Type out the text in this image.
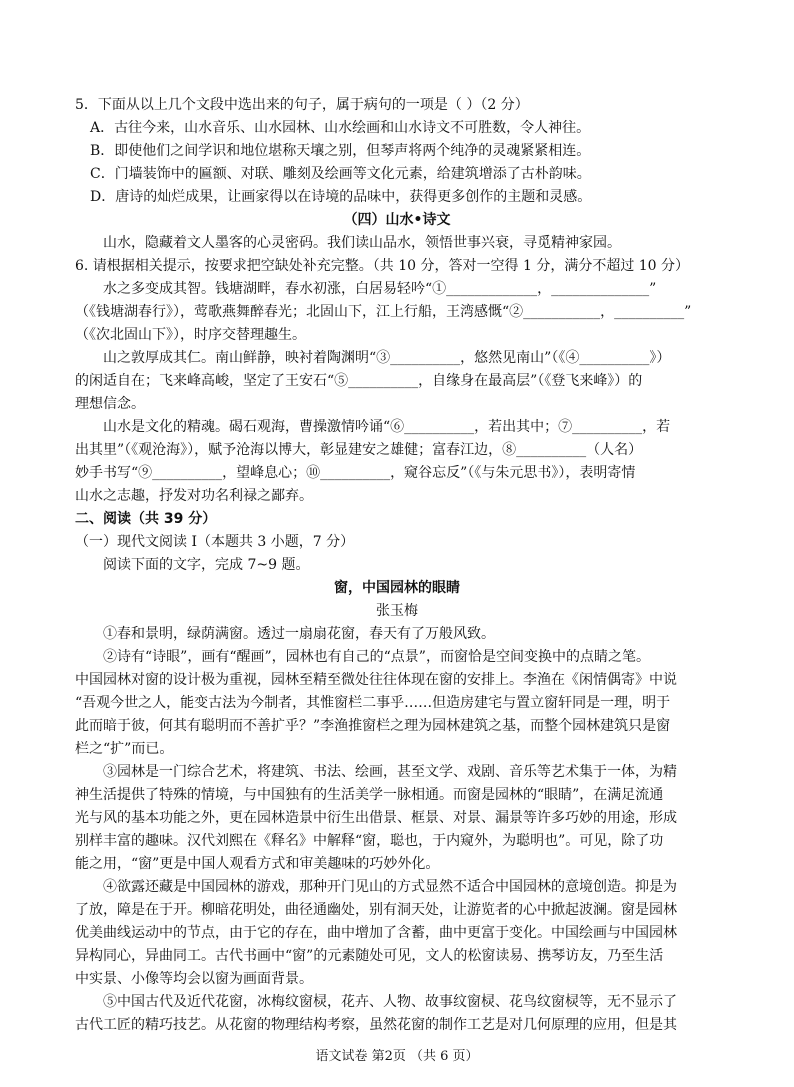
5．下面从以上几个文段中选出来的句子，属于病句的一项是（ ）（2 分）
A．古往今来，山水音乐、山水园林、山水绘画和山水诗文不可胜数，令人神往。
B．即使他们之间学识和地位堪称天壤之别，但琴声将两个纯净的灵魂紧紧相连。
C．门墙装饰中的匾额、对联、雕刻及绘画等文化元素，给建筑增添了古朴韵味。
D．唐诗的灿烂成果，让画家得以在诗境的品味中，获得更多创作的主题和灵感。
（四）山水•诗文
山水，隐藏着文人墨客的心灵密码。我们读山品水，领悟世事兴衰，寻觅精神家园。
6. 请根据相关提示，按要求把空缺处补充完整。（共 10 分，答对一空得 1 分，满分不超过 10 分）
水之多变成其智。钱塘湖畔，春水初涨，白居易轻吟“①_____________，______________”
（《钱塘湖春行》），莺歌燕舞醉春光；北固山下，江上行船，王湾感慨“②___________，__________”
（《次北固山下》），时序交替理趣生。
山之敦厚成其仁。南山鲜静，映衬着陶渊明“③__________，悠然见南山”（《④__________》）
的闲适自在；飞来峰高峻，坚定了王安石“⑤__________，自缘身在最高层”（《登飞来峰》）的
理想信念。
山水是文化的精魂。碣石观海，曹操激情吟诵“⑥__________，若出其中；⑦__________，若
出其里”（《观沧海》），赋予沧海以博大，彰显建安之雄健；富春江边，⑧__________（人名）
妙手书写“⑨__________，望峰息心；⑩__________，窥谷忘反”（《与朱元思书》），表明寄情
山水之志趣，抒发对功名利禄之鄙弃。
二、阅读（共 39 分）
（一）现代文阅读 I（本题共 3 小题，7 分）
阅读下面的文字，完成 7~9 题。
窗，中国园林的眼睛
张玉梅
①春和景明，绿荫满窗。透过一扇扇花窗，春天有了万般风致。
②诗有“诗眼”，画有“醒画”，园林也有自己的“点景”，而窗恰是空间变换中的点睛之笔。
中国园林对窗的设计极为重视，园林至精至微处往往体现在窗的安排上。李渔在《闲情偶寄》中说
“吾观今世之人，能变古法为今制者，其惟窗栏二事乎……但造房建宅与置立窗轩同是一理，明于
此而暗于彼，何其有聪明而不善扩乎？”李渔推窗栏之理为园林建筑之基，而整个园林建筑只是窗
栏之“扩”而已。
③园林是一门综合艺术，将建筑、书法、绘画，甚至文学、戏剧、音乐等艺术集于一体，为精
神生活提供了特殊的情境，与中国独有的生活美学一脉相通。而窗是园林的“眼睛”，在满足流通
光与风的基本功能之外，更在园林造景中衍生出借景、框景、对景、漏景等许多巧妙的用途，形成
别样丰富的趣味。汉代刘熙在《释名》中解释“窗，聪也，于内窥外，为聪明也”。可见，除了功
能之用，“窗”更是中国人观看方式和审美趣味的巧妙外化。
④欲露还藏是中国园林的游戏，那种开门见山的方式显然不适合中国园林的意境创造。抑是为
了放，障是在于开。柳暗花明处，曲径通幽处，别有洞天处，让游览者的心中掀起波澜。窗是园林
优美曲线运动中的节点，由于它的存在，曲中增加了含蓄，曲中更富于变化。中国绘画与中国园林
异构同心，异曲同工。古代书画中“窗”的元素随处可见，文人的松窗读易、携琴访友，乃至生活
中实景、小像等均会以窗为画面背景。
⑤中国古代及近代花窗，冰梅纹窗棂，花卉、人物、故事纹窗棂、花鸟纹窗棂等，无不显示了
古代工匠的精巧技艺。从花窗的物理结构考察，虽然花窗的制作工艺是对几何原理的应用，但是其
语文试卷 第2页 （共 6 页）
